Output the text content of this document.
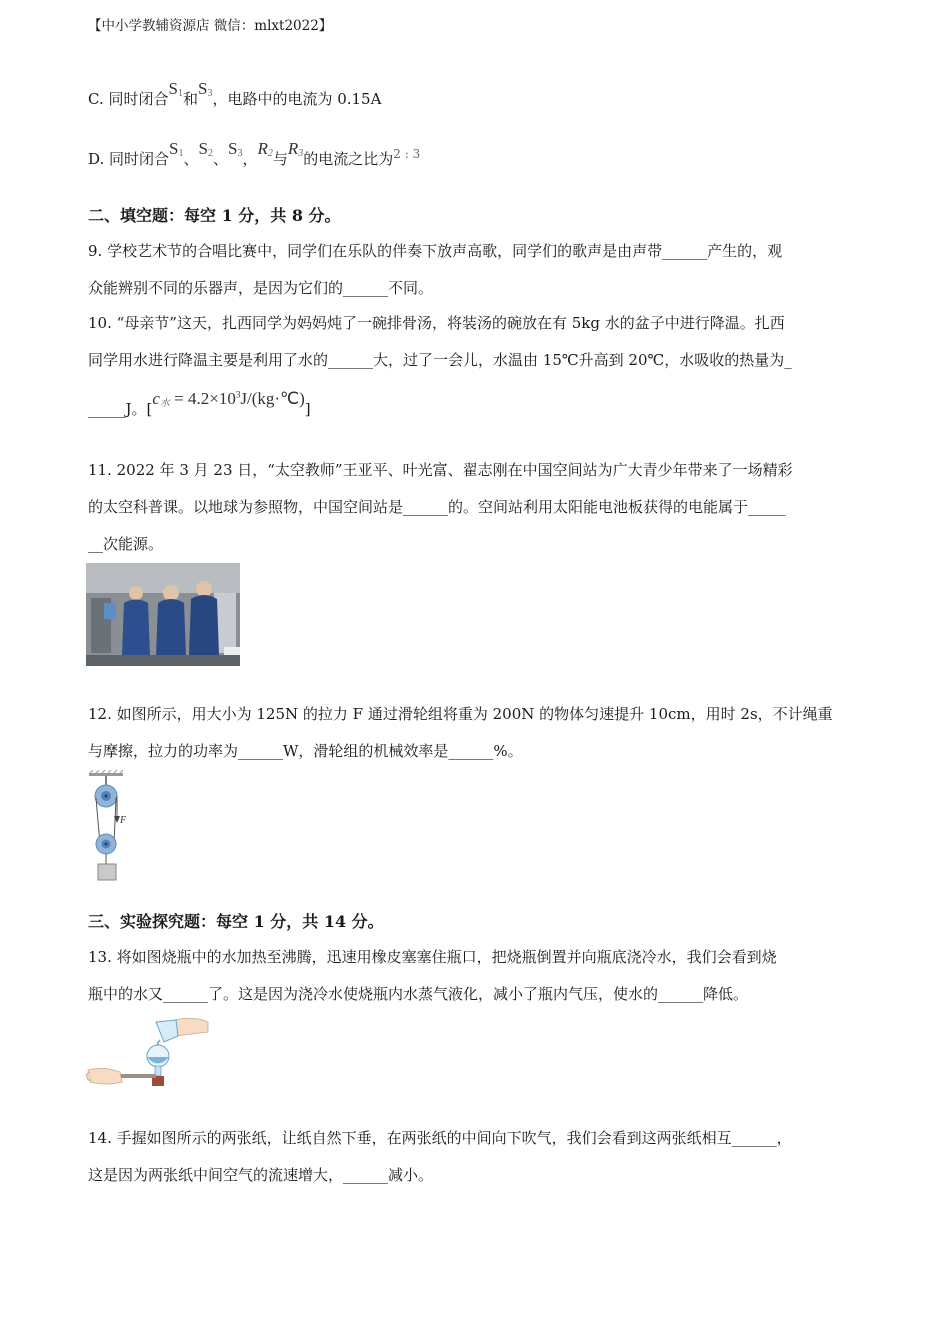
【中小学教辅资源店 微信：mlxt2022】
C. 同时闭合$S_1$和$S_3$，电路中的电流为 0.15A
D. 同时闭合$S_1$、$S_2$、$S_3$，$R_2$与$R_3$的电流之比为$^{2 : 3}$
二、填空题：每空 1 分，共 8 分。
9. 学校艺术节的合唱比赛中，同学们在乐队的伴奏下放声高歌，同学们的歌声是由声带______产生的，观
众能辨别不同的乐器声，是因为它们的______不同。
10. “母亲节”这天，扎西同学为妈妈炖了一碗排骨汤，将装汤的碗放在有 5kg 水的盆子中进行降温。扎西
同学用水进行降温主要是利用了水的______大，过了一会儿，水温由 15℃升高到 20℃，水吸收的热量为_
_____J。[$c_水$ = $4.2\times 10^3J/(kg\cdot℃)$]
11. 2022 年 3 月 23 日，“太空教师”王亚平、叶光富、翟志刚在中国空间站为广大青少年带来了一场精彩
的太空科普课。以地球为参照物，中国空间站是______的。空间站利用太阳能电池板获得的电能属于_____
__次能源。
12. 如图所示，用大小为 125N 的拉力 F 通过滑轮组将重为 200N 的物体匀速提升 10cm，用时 2s，不计绳重
与摩擦，拉力的功率为______W，滑轮组的机械效率是______%。
F
三、实验探究题：每空 1 分，共 14 分。
13. 将如图烧瓶中的水加热至沸腾，迅速用橡皮塞塞住瓶口，把烧瓶倒置并向瓶底浇冷水，我们会看到烧
瓶中的水又______了。这是因为浇冷水使烧瓶内水蒸气液化，减小了瓶内气压，使水的______降低。
14. 手握如图所示的两张纸，让纸自然下垂，在两张纸的中间向下吹气，我们会看到这两张纸相互______，
这是因为两张纸中间空气的流速增大，______减小。
